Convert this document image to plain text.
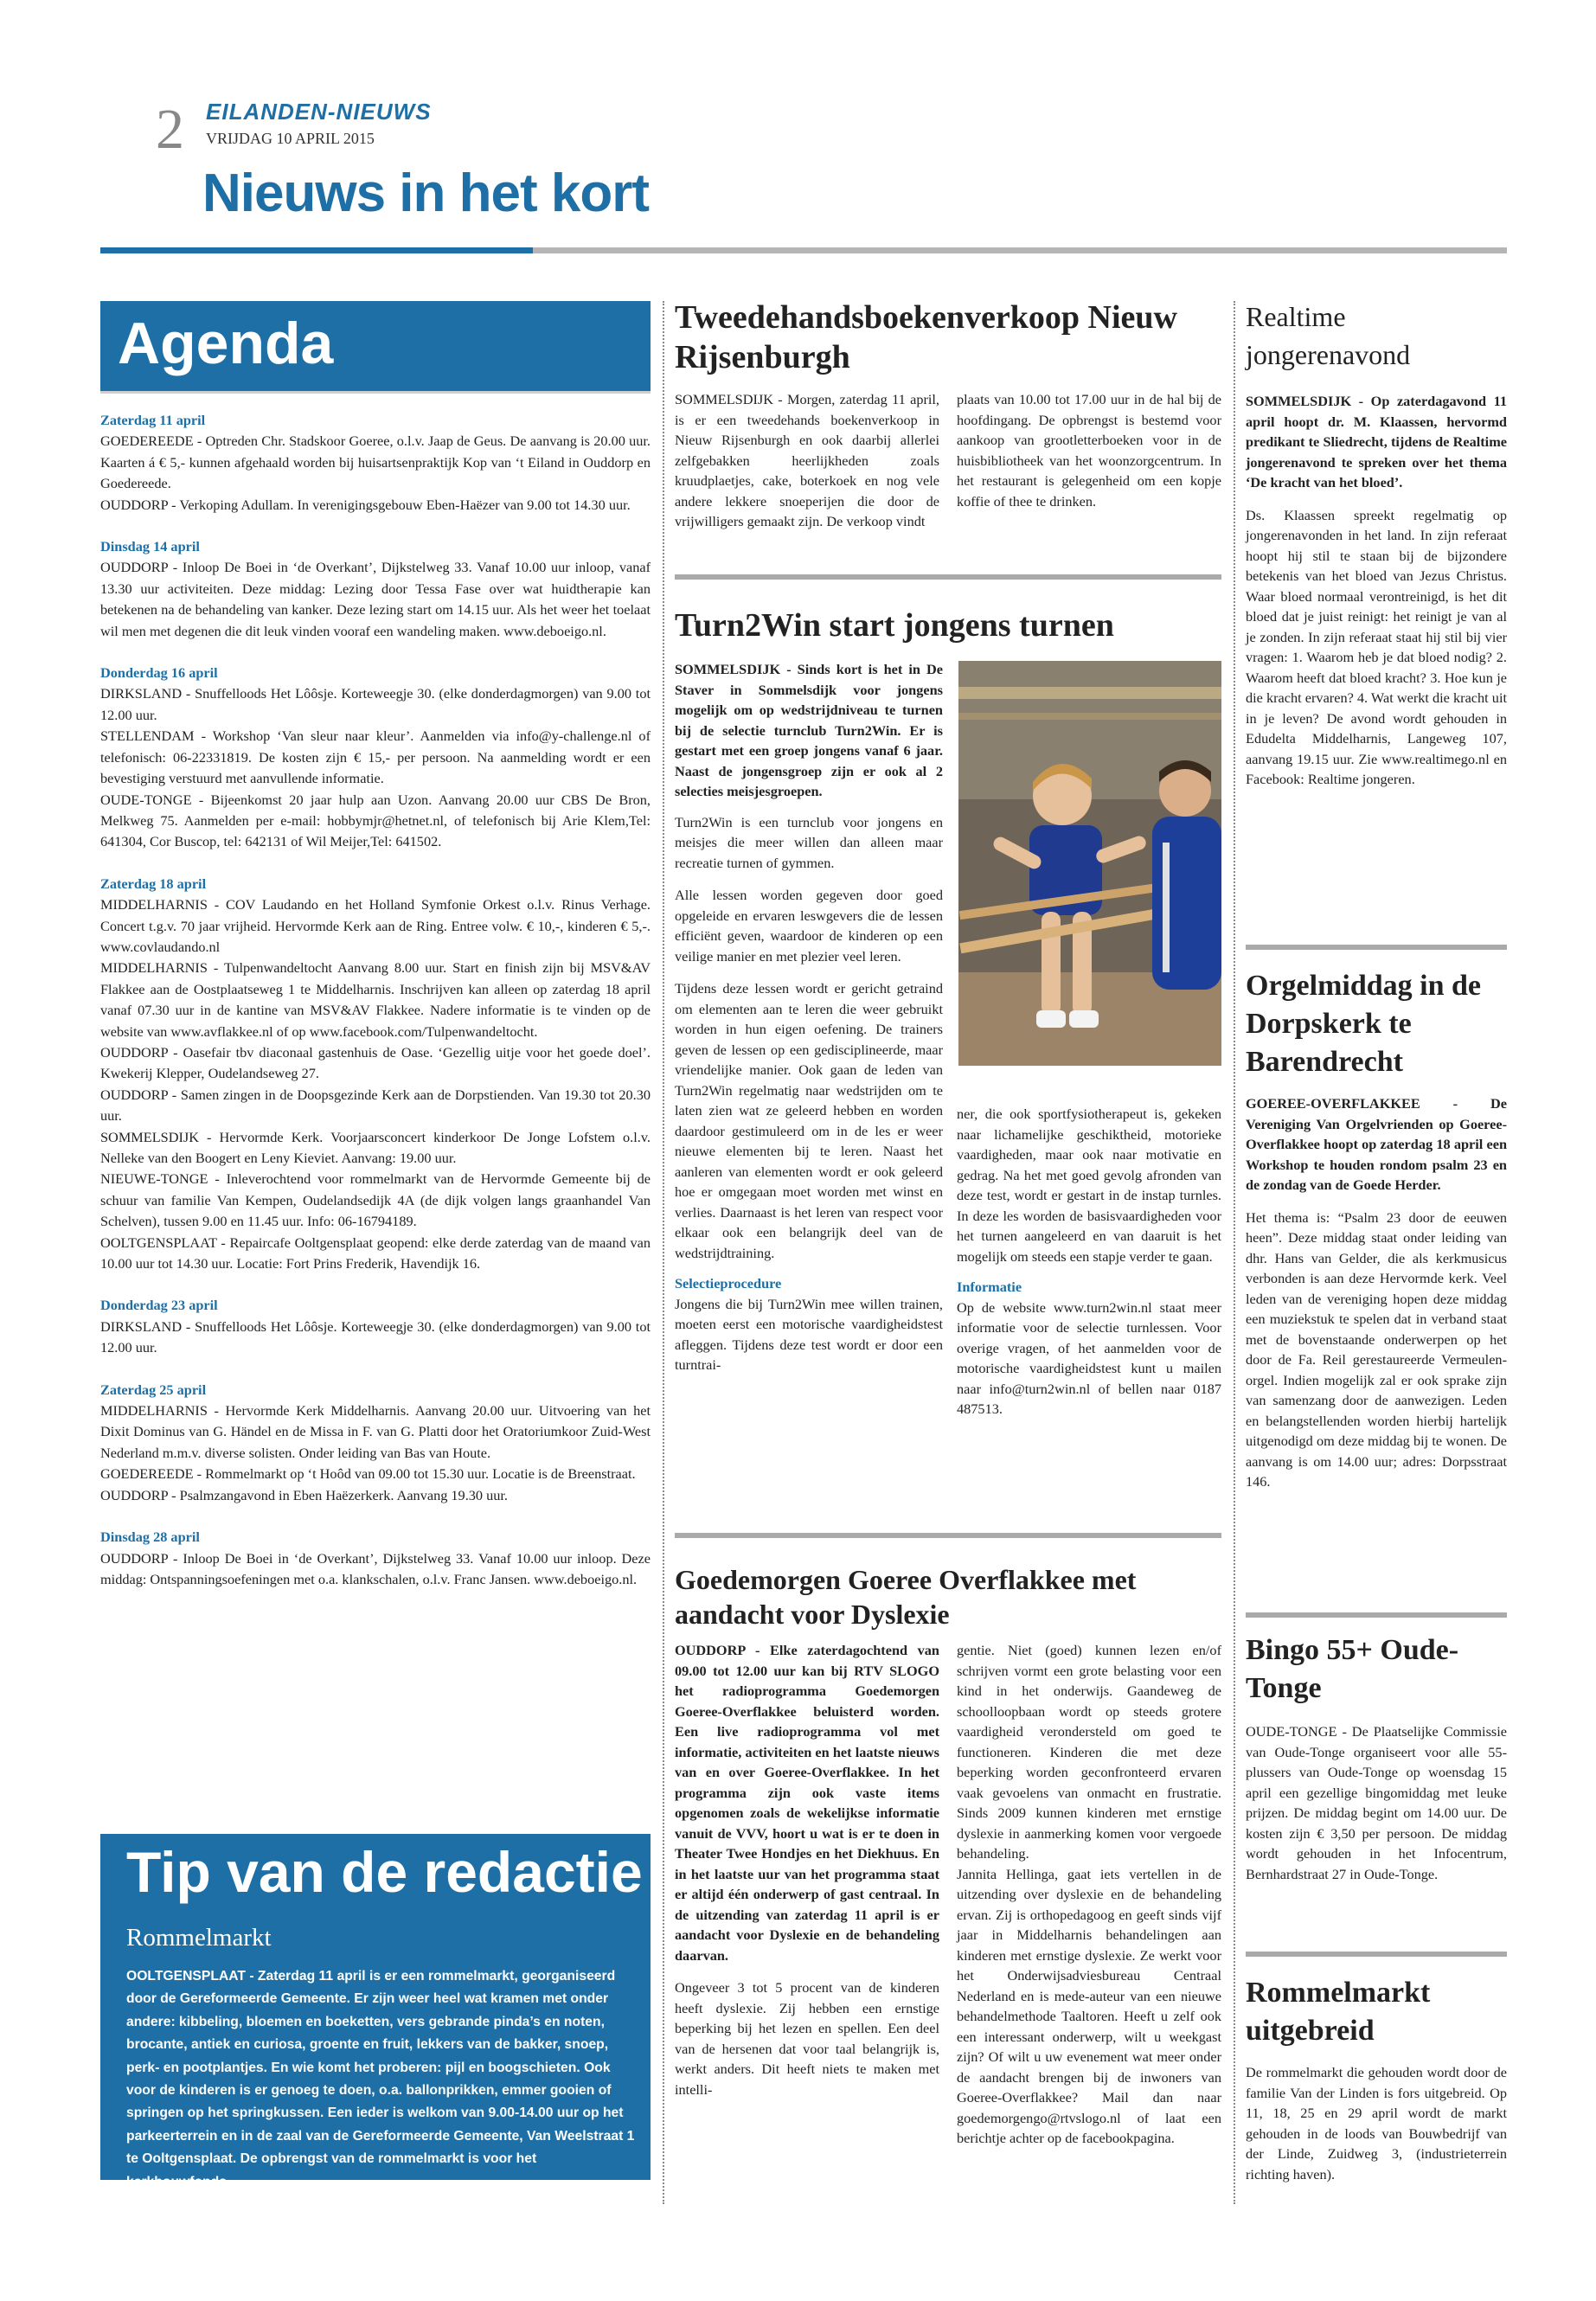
2 EILANDEN-NIEUWS
VRIJDAG 10 APRIL 2015
Nieuws in het kort
Agenda
Zaterdag 11 april
GOEDEREEDE - Optreden Chr. Stadskoor Goeree, o.l.v. Jaap de Geus. De aanvang is 20.00 uur. Kaarten á € 5,- kunnen afgehaald worden bij huisartsenpraktijk Kop van ‘t Eiland in Ouddorp en Goedereede.
OUDDORP - Verkoping Adullam. In verenigingsgebouw Eben-Haëzer van 9.00 tot 14.30 uur.
Dinsdag 14 april
OUDDORP - Inloop De Boei in ‘de Overkant’, Dijkstelweg 33. Vanaf 10.00 uur inloop, vanaf 13.30 uur activiteiten. Deze middag: Lezing door Tessa Fase over wat huidtherapie kan betekenen na de behandeling van kanker. Deze lezing start om 14.15 uur. Als het weer het toelaat wil men met degenen die dit leuk vinden vooraf een wandeling maken. www.deboeigo.nl.
Donderdag 16 april
DIRKSLAND - Snuffelloods Het Lôôsje. Korteweegje 30. (elke donderdagmorgen) van 9.00 tot 12.00 uur.
STELLENDAM - Workshop ‘Van sleur naar kleur’. Aanmelden via info@y-challenge.nl of telefonisch: 06-22331819. De kosten zijn € 15,- per persoon. Na aanmelding wordt er een bevestiging verstuurd met aanvullende informatie.
OUDE-TONGE - Bijeenkomst 20 jaar hulp aan Uzon. Aanvang 20.00 uur CBS De Bron, Melkweg 75. Aanmelden per e-mail: hobbymjr@hetnet.nl, of telefonisch bij Arie Klem,Tel: 641304, Cor Buscop, tel: 642131 of Wil Meijer,Tel: 641502.
Zaterdag 18 april
MIDDELHARNIS - COV Laudando en het Holland Symfonie Orkest o.l.v. Rinus Verhage. Concert t.g.v. 70 jaar vrijheid. Hervormde Kerk aan de Ring. Entree volw. € 10,-, kinderen € 5,-. www.covlaudando.nl
MIDDELHARNIS - Tulpenwandeltocht Aanvang 8.00 uur. Start en finish zijn bij MSV&AV Flakkee aan de Oostplaatseweg 1 te Middelharnis. Inschrijven kan alleen op zaterdag 18 april vanaf 07.30 uur in de kantine van MSV&AV Flakkee. Nadere informatie is te vinden op de website van www.avflakkee.nl of op www.facebook.com/Tulpenwandeltocht.
OUDDORP - Oasefair tbv diaconaal gastenhuis de Oase. ‘Gezellig uitje voor het goede doel’. Kwekerij Klepper, Oudelandseweg 27.
OUDDORP - Samen zingen in de Doopsgezinde Kerk aan de Dorpstienden. Van 19.30 tot 20.30 uur.
SOMMELSDIJK - Hervormde Kerk. Voorjaarsconcert kinderkoor De Jonge Lofstem o.l.v. Nelleke van den Boogert en Leny Kieviet. Aanvang: 19.00 uur.
NIEUWE-TONGE - Inleverochtend voor rommelmarkt van de Hervormde Gemeente bij de schuur van familie Van Kempen, Oudelandsedijk 4A (de dijk volgen langs graanhandel Van Schelven), tussen 9.00 en 11.45 uur. Info: 06-16794189.
OOLTGENSPLAAT - Repaircafe Ooltgensplaat geopend: elke derde zaterdag van de maand van 10.00 uur tot 14.30 uur. Locatie: Fort Prins Frederik, Havendijk 16.
Donderdag 23 april
DIRKSLAND - Snuffelloods Het Lôôsje. Korteweegje 30. (elke donderdagmorgen) van 9.00 tot 12.00 uur.
Zaterdag 25 april
MIDDELHARNIS - Hervormde Kerk Middelharnis. Aanvang 20.00 uur. Uitvoering van het Dixit Dominus van G. Händel en de Missa in F. van G. Platti door het Oratoriumkoor Zuid-West Nederland m.m.v. diverse solisten. Onder leiding van Bas van Houte.
GOEDEREEDE - Rommelmarkt op ‘t Hoôd van 09.00 tot 15.30 uur. Locatie is de Breenstraat.
OUDDORP - Psalmzangavond in Eben Haëzerkerk. Aanvang 19.30 uur.
Dinsdag 28 april
OUDDORP - Inloop De Boei in ‘de Overkant’, Dijkstelweg 33. Vanaf 10.00 uur inloop. Deze middag: Ontspanningsoefeningen met o.a. klankschalen, o.l.v. Franc Jansen. www.deboeigo.nl.
Tip van de redactie
Rommelmarkt
OOLTGENSPLAAT - Zaterdag 11 april is er een rommelmarkt, georganiseerd door de Gereformeerde Gemeente. Er zijn weer heel wat kramen met onder andere: kibbeling, bloemen en boeketten, vers gebrande pinda’s en noten, brocante, antiek en curiosa, groente en fruit, lekkers van de bakker, snoep, perk- en pootplantjes. En wie komt het proberen: pijl en boogschieten. Ook voor de kinderen is er genoeg te doen, o.a. ballonprikken, emmer gooien of springen op het springkussen. Een ieder is welkom van 9.00-14.00 uur op het parkeerterrein en in de zaal van de Gereformeerde Gemeente, Van Weelstraat 1 te Ooltgensplaat. De opbrengst van de rommelmarkt is voor het kerkbouwfonds.
Tweedehandsboekenverkoop Nieuw Rijsenburgh
SOMMELSDIJK - Morgen, zaterdag 11 april, is er een tweedehands boekenverkoop in Nieuw Rijsenburgh en ook daarbij allerlei zelfgebakken heerlijkheden zoals kruudplaetjes, cake, boterkoek en nog vele andere lekkere snoeperijen die door de vrijwilligers gemaakt zijn. De verkoop vindt
plaats van 10.00 tot 17.00 uur in de hal bij de hoofdingang. De opbrengst is bestemd voor aankoop van grootletterboeken voor in de huisbibliotheek van het woonzorgcentrum. In het restaurant is gelegenheid om een kopje koffie of thee te drinken.
Turn2Win start jongens turnen

SOMMELSDIJK - Sinds kort is het in De Staver in Sommelsdijk voor jongens mogelijk om op wedstrijdniveau te turnen bij de selectie turnclub Turn2Win. Er is gestart met een groep jongens vanaf 6 jaar. Naast de jongensgroep zijn er ook al 2 selecties meisjesgroepen.

Turn2Win is een turnclub voor jongens en meisjes die meer willen dan alleen maar recreatie turnen of gymmen.

Alle lessen worden gegeven door goed opgeleide en ervaren leswgevers die de lessen efficiënt geven, waardoor de kinderen op een veilige manier en met plezier veel leren.

Tijdens deze lessen wordt er gericht getraind om elementen aan te leren die weer gebruikt worden in hun eigen oefening. De trainers geven de lessen op een gedisciplineerde, maar vriendelijke manier. Ook gaan de leden van Turn2Win regelmatig naar wedstrijden om te laten zien wat ze geleerd hebben en worden daardoor gestimuleerd om in de les er weer nieuwe elementen bij te leren. Naast het aanleren van elementen wordt er ook geleerd hoe er omgegaan moet worden met winst en verlies. Daarnaast is het leren van respect voor elkaar ook een belangrijk deel van de wedstrijdtraining.

Selectieprocedure

Jongens die bij Turn2Win mee willen trainen, moeten eerst een motorische vaardigheidstest afleggen. Tijdens deze test wordt er door een turntrai-

ner, die ook sportfysiotherapeut is, gekeken naar lichamelijke geschiktheid, motorieke vaardigheden, maar ook naar motivatie en gedrag. Na het met goed gevolg afronden van deze test, wordt er gestart in de instap turnles. In deze les worden de basisvaardigheden voor het turnen aangeleerd en van daaruit is het mogelijk om steeds een stapje verder te gaan.

Informatie

Op de website www.turn2win.nl staat meer informatie voor de selectie turnlessen. Voor overige vragen, of het aanmelden voor de motorische vaardigheidstest kunt u mailen naar info@turn2win.nl of bellen naar 0187 487513.

Goedemorgen Goeree Overflakkee met aandacht voor Dyslexie

OUDDORP - Elke zaterdagochtend van 09.00 tot 12.00 uur kan bij RTV SLOGO het radioprogramma Goedemorgen Goeree-Overflakkee beluisterd worden. Een live radioprogramma vol met informatie, activiteiten en het laatste nieuws van en over Goeree-Overflakkee. In het programma zijn ook vaste items opgenomen zoals de wekelijkse informatie vanuit de VVV, hoort u wat is er te doen in Theater Twee Hondjes en het Diekhuus. En in het laatste uur van het programma staat er altijd één onderwerp of gast centraal. In de uitzending van zaterdag 11 april is er aandacht voor Dyslexie en de behandeling daarvan.

Ongeveer 3 tot 5 procent van de kinderen heeft dyslexie. Zij hebben een ernstige beperking bij het lezen en spellen. Een deel van de hersenen dat voor taal belangrijk is, werkt anders. Dit heeft niets te maken met intelli-

gentie. Niet (goed) kunnen lezen en/of schrijven vormt een grote belasting voor een kind in het onderwijs. Gaandeweg de schoolloopbaan wordt op steeds grotere vaardigheid verondersteld om goed te functioneren. Kinderen die met deze beperking worden geconfronteerd ervaren vaak gevoelens van onmacht en frustratie. Sinds 2009 kunnen kinderen met ernstige dyslexie in aanmerking komen voor vergoede behandeling.

Jannita Hellinga, gaat iets vertellen in de uitzending over dyslexie en de behandeling ervan. Zij is orthopedagoog en geeft sinds vijf jaar in Middelharnis behandelingen aan kinderen met ernstige dyslexie. Ze werkt voor het Onderwijsadviesbureau Centraal Nederland en is mede-auteur van een nieuwe behandelmethode Taaltoren. Heeft u zelf ook een interessant onderwerp, wilt u weekgast zijn? Of wilt u uw evenement wat meer onder de aandacht brengen bij de inwoners van Goeree-Overflakkee? Mail dan naar goedemorgengo@rtvslogo.nl of laat een berichtje achter op de facebookpagina.

Realtime jongerenavond

SOMMELSDIJK - Op zaterdagavond 11 april hoopt dr. M. Klaassen, hervormd predikant te Sliedrecht, tijdens de Realtime jongerenavond te spreken over het thema ‘De kracht van het bloed’.

Ds. Klaassen spreekt regelmatig op jongerenavonden in het land. In zijn referaat hoopt hij stil te staan bij de bijzondere betekenis van het bloed van Jezus Christus. Waar bloed normaal verontreinigd, is het dit bloed dat je juist reinigt: het reinigt je van al je zonden. In zijn referaat staat hij stil bij vier vragen: 1. Waarom heb je dat bloed nodig? 2. Waarom heeft dat bloed kracht? 3. Hoe kun je die kracht ervaren? 4. Wat werkt die kracht uit in je leven? De avond wordt gehouden in Edudelta Middelharnis, Langeweg 107, aanvang 19.15 uur. Zie www.realtimego.nl en Facebook: Realtime jongeren.

Orgelmiddag in de Dorpskerk te Barendrecht

GOEREE-OVERFLAKKEE - De Vereniging Van Orgelvrienden op Goeree-Overflakkee hoopt op zaterdag 18 april een Workshop te houden rondom psalm 23 en de zondag van de Goede Herder.

Het thema is: “Psalm 23 door de eeuwen heen”. Deze middag staat onder leiding van dhr. Hans van Gelder, die als kerkmusicus verbonden is aan deze Hervormde kerk. Veel leden van de vereniging hopen deze middag een muziekstuk te spelen dat in verband staat met de bovenstaande onderwerpen op het door de Fa. Reil gerestaureerde Vermeulen-orgel. Indien mogelijk zal er ook sprake zijn van samenzang door de aanwezigen. Leden en belangstellenden worden hierbij hartelijk uitgenodigd om deze middag bij te wonen. De aanvang is om 14.00 uur; adres: Dorpsstraat 146.

Bingo 55+ Oude-Tonge
OUDE-TONGE - De Plaatselijke Commissie van Oude-Tonge organiseert voor alle 55- plussers van Oude-Tonge op woensdag 15 april een gezellige bingomiddag met leuke prijzen. De middag begint om 14.00 uur. De kosten zijn € 3,50 per persoon. De middag wordt gehouden in het Infocentrum, Bernhardstraat 27 in Oude-Tonge.
Rommelmarkt uitgebreid
De rommelmarkt die gehouden wordt door de familie Van der Linden is fors uitgebreid. Op 11, 18, 25 en 29 april wordt de markt gehouden in de loods van Bouwbedrijf van der Linde, Zuidweg 3, (industrieterrein richting haven).
